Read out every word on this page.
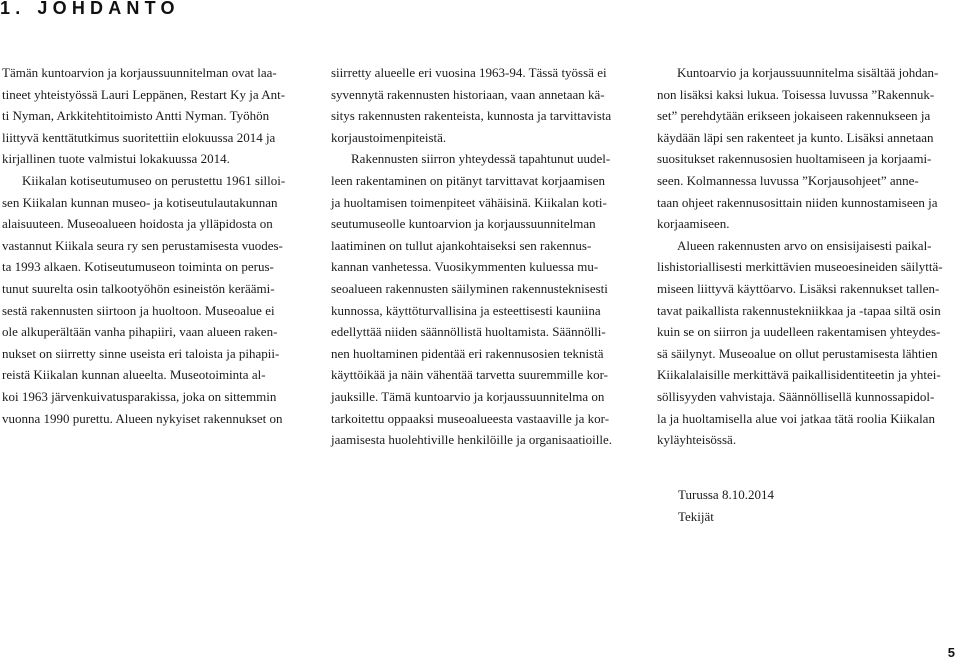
1. JOHDANTO
Tämän kuntoarvion ja korjaussuunnitelman ovat laa-
tineet yhteistyössä Lauri Leppänen, Restart Ky ja Ant-
ti Nyman, Arkkitehtitoimisto Antti Nyman. Työhön
liittyvä kenttätutkimus suoritettiin elokuussa 2014 ja
kirjallinen tuote valmistui lokakuussa 2014.
Kiikalan kotiseutumuseo on perustettu 1961 silloi-
sen Kiikalan kunnan museo- ja kotiseutulautakunnan
alaisuuteen. Museoalueen hoidosta ja ylläpidosta on
vastannut Kiikala seura ry sen perustamisesta vuodes-
ta 1993 alkaen. Kotiseutumuseon toiminta on perus-
tunut suurelta osin talkootyöhön esineistön keräämi-
sestä rakennusten siirtoon ja huoltoon. Museoalue ei
ole alkuperältään vanha pihapiiri, vaan alueen raken-
nukset on siirretty sinne useista eri taloista ja pihapii-
reistä Kiikalan kunnan alueelta. Museotoiminta al-
koi 1963 järvenkuivatusparakissa, joka on sittemmin
vuonna 1990 purettu. Alueen nykyiset rakennukset on
siirretty alueelle eri vuosina 1963-94. Tässä työssä ei
syvennytä rakennusten historiaan, vaan annetaan kä-
sitys rakennusten rakenteista, kunnosta ja tarvittavista
korjaustoimenpiteistä.
Rakennusten siirron yhteydessä tapahtunut uudel-
leen rakentaminen on pitänyt tarvittavat korjaamisen
ja huoltamisen toimenpiteet vähäisinä. Kiikalan koti-
seutumuseolle kuntoarvion ja korjaussuunnitelman
laatiminen on tullut ajankohtaiseksi sen rakennus-
kannan vanhetessa. Vuosikymmenten kuluessa mu-
seoalueen rakennusten säilyminen rakennusteknisesti
kunnossa, käyttöturvallisina ja esteettisesti kauniina
edellyttää niiden säännöllistä huoltamista. Säännölli-
nen huoltaminen pidentää eri rakennusosien teknistä
käyttöikää ja näin vähentää tarvetta suuremmille kor-
jauksille. Tämä kuntoarvio ja korjaussuunnitelma on
tarkoitettu oppaaksi museoalueesta vastaaville ja kor-
jaamisesta huolehtiville henkilöille ja organisaatioille.
Kuntoarvio ja korjaussuunnitelma sisältää johdan-
non lisäksi kaksi lukua. Toisessa luvussa ”Rakennuk-
set” perehdytään erikseen jokaiseen rakennukseen ja
käydään läpi sen rakenteet ja kunto. Lisäksi annetaan
suositukset rakennusosien huoltamiseen ja korjaami-
seen. Kolmannessa luvussa ”Korjausohjeet” anne-
taan ohjeet rakennusosittain niiden kunnostamiseen ja
korjaamiseen.
Alueen rakennusten arvo on ensisijaisesti paikal-
lishistoriallisesti merkittävien museoesineiden säilyttä-
miseen liittyvä käyttöarvo. Lisäksi rakennukset tallen-
tavat paikallista rakennustekniikkaa ja -tapaa siltä osin
kuin se on siirron ja uudelleen rakentamisen yhteydes-
sä säilynyt. Museoalue on ollut perustamisesta lähtien
Kiikalalaisille merkittävä paikallisidentiteetin ja yhtei-
söllisyyden vahvistaja. Säännöllisellä kunnossapidol-
la ja huoltamisella alue voi jatkaa tätä roolia Kiikalan
kyläyhteisössä.
Turussa 8.10.2014
Tekijät
5
